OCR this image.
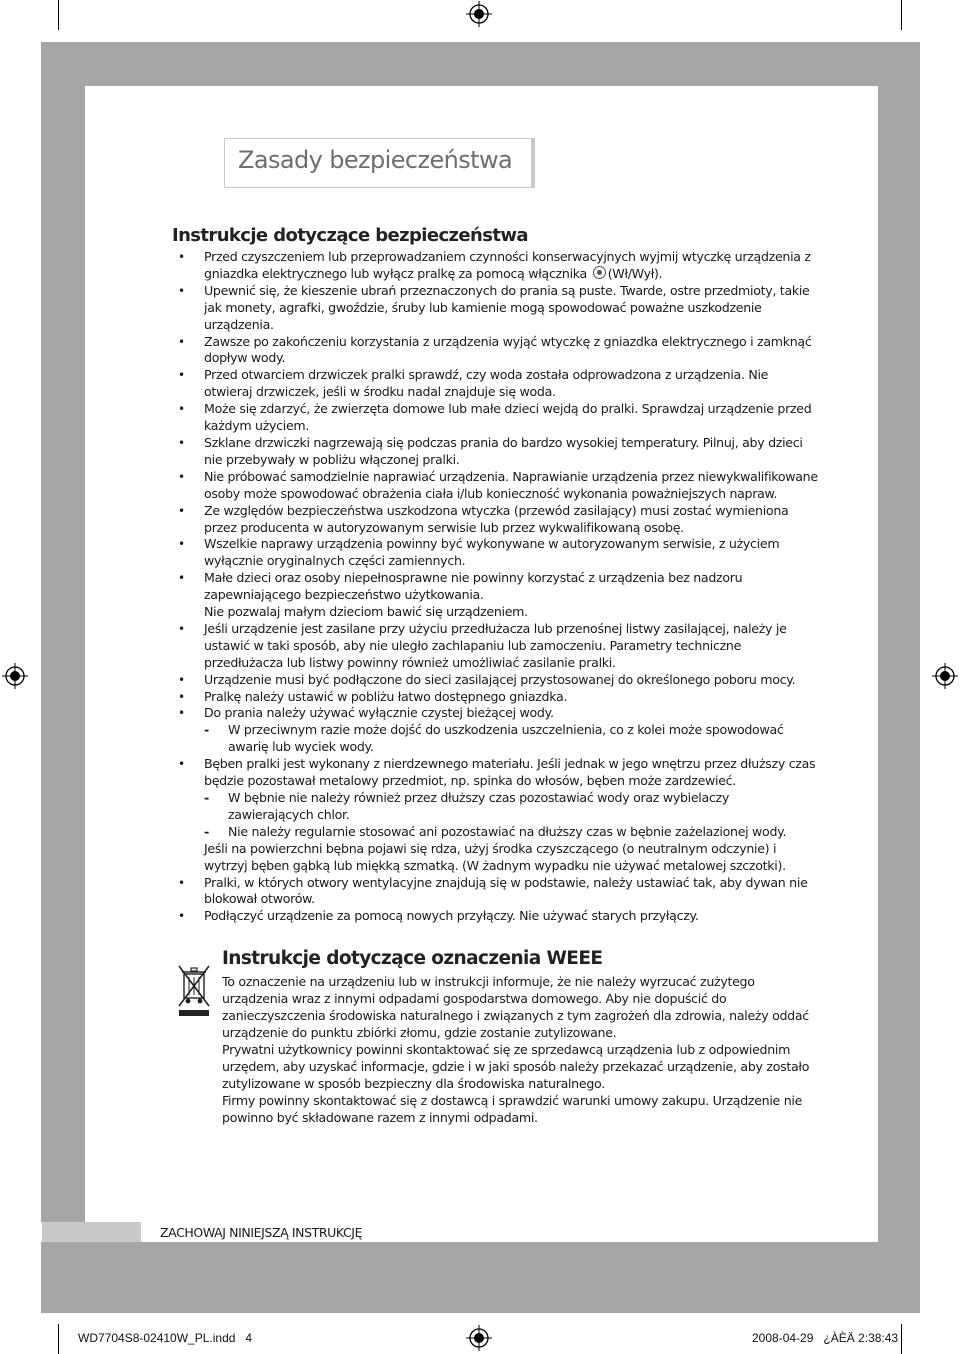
Zasady bezpieczeństwa
Instrukcje dotyczące bezpieczeństwa
• Przed czyszczeniem lub przeprowadzaniem czynności konserwacyjnych wyjmij wtyczkę urządzenia z gniazdka elektrycznego lub wyłącz pralkę za pomocą włącznika (Wł/Wył).
• Upewnić się, że kieszenie ubrań przeznaczonych do prania są puste. Twarde, ostre przedmioty, takie jak monety, agrafki, gwoździe, śruby lub kamienie mogą spowodować poważne uszkodzenie urządzenia.
• Zawsze po zakończeniu korzystania z urządzenia wyjąć wtyczkę z gniazdka elektrycznego i zamknąć dopływ wody.
• Przed otwarciem drzwiczek pralki sprawdź, czy woda została odprowadzona z urządzenia. Nie otwieraj drzwiczek, jeśli w środku nadal znajduje się woda.
• Może się zdarzyć, że zwierzęta domowe lub małe dzieci wejdą do pralki. Sprawdzaj urządzenie przed każdym użyciem.
• Szklane drzwiczki nagrzewają się podczas prania do bardzo wysokiej temperatury. Pilnuj, aby dzieci nie przebywały w pobliżu włączonej pralki.
• Nie próbować samodzielnie naprawiać urządzenia. Naprawianie urządzenia przez niewykwalifikowane osoby może spowodować obrażenia ciała i/lub konieczność wykonania poważniejszych napraw.
• Ze względów bezpieczeństwa uszkodzona wtyczka (przewód zasilający) musi zostać wymieniona przez producenta w autoryzowanym serwisie lub przez wykwalifikowaną osobę.
• Wszelkie naprawy urządzenia powinny być wykonywane w autoryzowanym serwisie, z użyciem wyłącznie oryginalnych części zamiennych.
• Małe dzieci oraz osoby niepełnosprawne nie powinny korzystać z urządzenia bez nadzoru zapewniającego bezpieczeństwo użytkowania.
Nie pozwalaj małym dzieciom bawić się urządzeniem.
• Jeśli urządzenie jest zasilane przy użyciu przedłużacza lub przenośnej listwy zasilającej, należy je ustawić w taki sposób, aby nie uległo zachlapaniu lub zamoczeniu. Parametry techniczne przedłużacza lub listwy powinny również umożliwiać zasilanie pralki.
• Urządzenie musi być podłączone do sieci zasilającej przystosowanej do określonego poboru mocy.
• Pralkę należy ustawić w pobliżu łatwo dostępnego gniazdka.
• Do prania należy używać wyłącznie czystej bieżącej wody.
- W przeciwnym razie może dojść do uszkodzenia uszczelnienia, co z kolei może spowodować awarię lub wyciek wody.
• Bęben pralki jest wykonany z nierdzewnego materiału. Jeśli jednak w jego wnętrzu przez dłuższy czas będzie pozostawał metalowy przedmiot, np. spinka do włosów, bęben może zardzewieć.
- W bębnie nie należy również przez dłuższy czas pozostawiać wody oraz wybielaczy zawierających chlor.
- Nie należy regularnie stosować ani pozostawiać na dłuższy czas w bębnie zażelazionej wody.
Jeśli na powierzchni bębna pojawi się rdza, użyj środka czyszczącego (o neutralnym odczynie) i wytrzyj bęben gąbką lub miękką szmatką. (W żadnym wypadku nie używać metalowej szczotki).
• Pralki, w których otwory wentylacyjne znajdują się w podstawie, należy ustawiać tak, aby dywan nie blokował otworów.
• Podłączyć urządzenie za pomocą nowych przyłączy. Nie używać starych przyłączy.
Instrukcje dotyczące oznaczenia WEEE

To oznaczenie na urządzeniu lub w instrukcji informuje, że nie należy wyrzucać zużytego urządzenia wraz z innymi odpadami gospodarstwa domowego. Aby nie dopuścić do zanieczyszczenia środowiska naturalnego i związanych z tym zagrożeń dla zdrowia, należy oddać urządzenie do punktu zbiórki złomu, gdzie zostanie zutylizowane.

Prywatni użytkownicy powinni skontaktować się ze sprzedawcą urządzenia lub z odpowiednim urzędem, aby uzyskać informacje, gdzie i w jaki sposób należy przekazać urządzenie, aby zostało zutylizowane w sposób bezpieczny dla środowiska naturalnego.

Firmy powinny skontaktować się z dostawcą i sprawdzić warunki umowy zakupu. Urządzenie nie powinno być składowane razem z innymi odpadami.

ZACHOWAJ NINIEJSZĄ INSTRUKCJĘ

WD7704S8-02410W_PL.indd   4	2008-04-29   ¿ÀÈÄ 2:38:43
